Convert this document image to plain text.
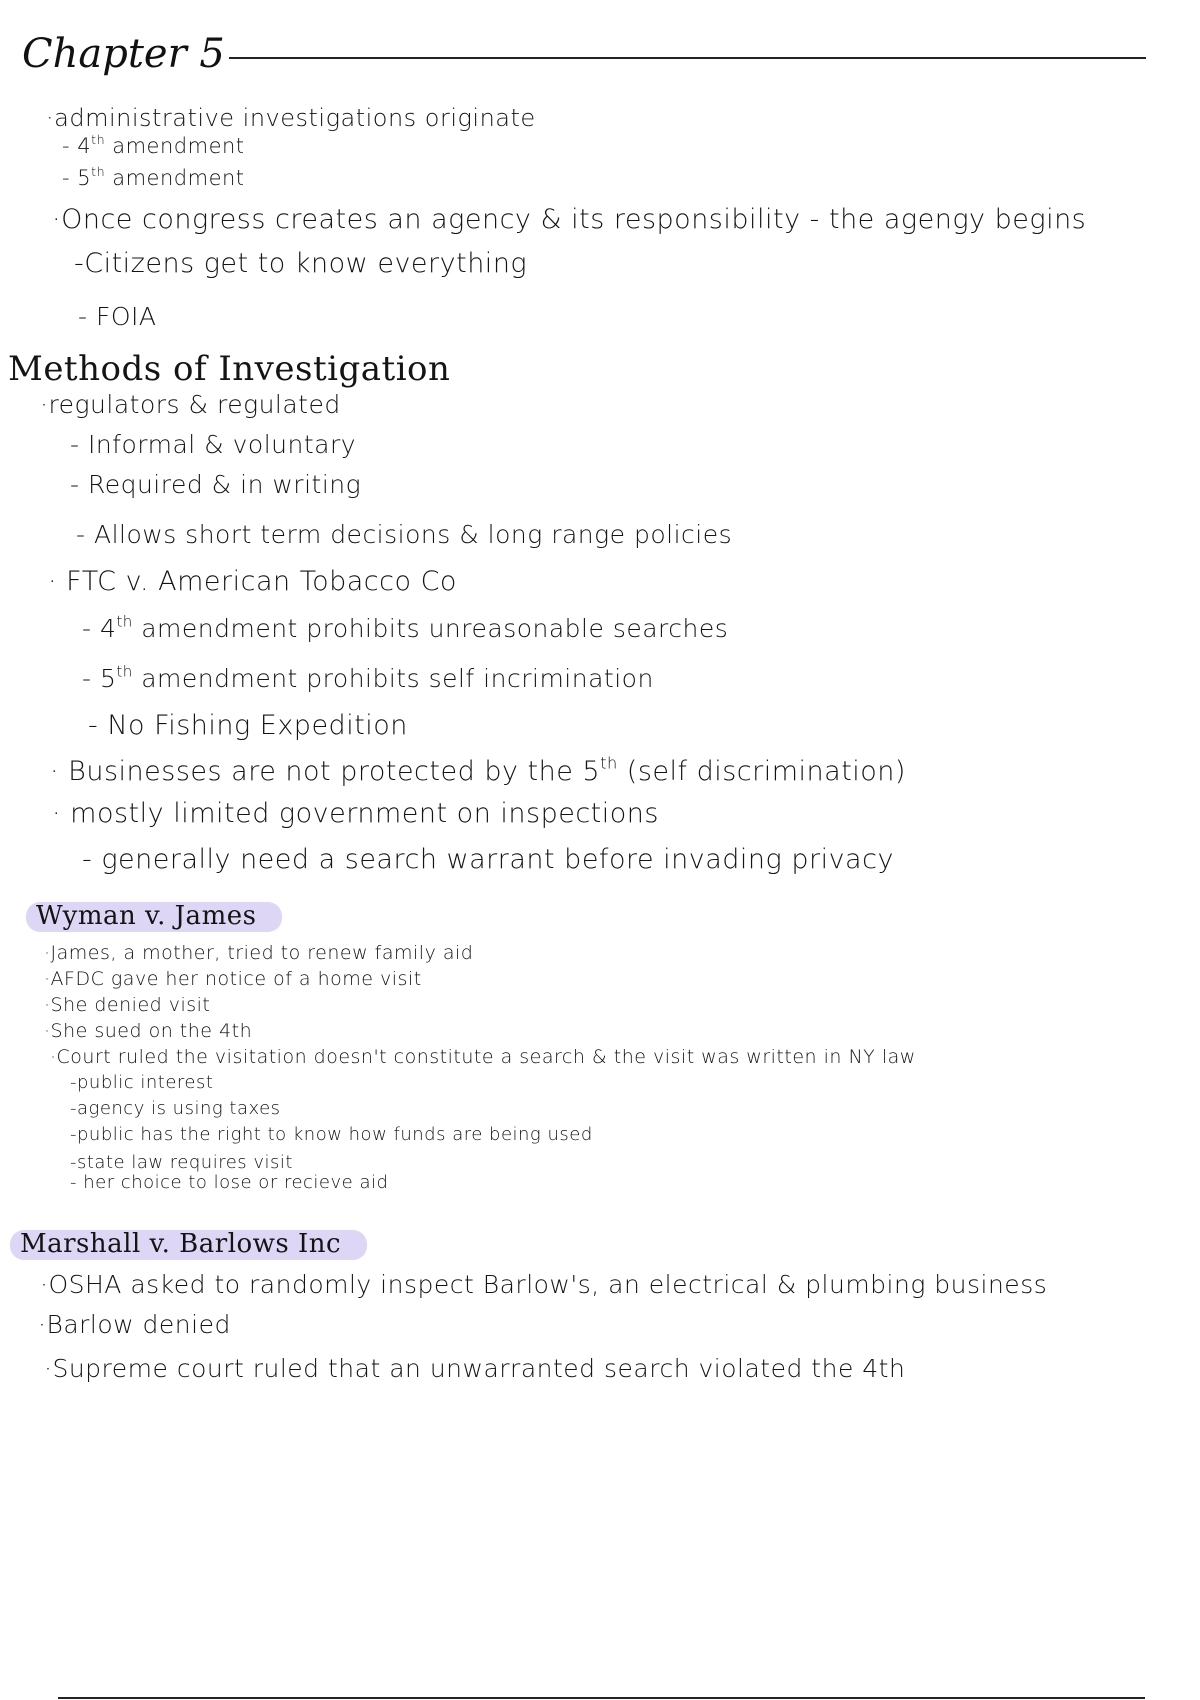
Chapter 5
·administrative investigations originate
- 4th amendment
- 5th amendment
·Once congress creates an agency & its responsibility - the agengy begins
-Citizens get to know everything
- FOIA
Methods of Investigation
·regulators & regulated
- Informal & voluntary
- Required & in writing
- Allows short term decisions & long range policies
· FTC v. American Tobacco Co
- 4th amendment prohibits unreasonable searches
- 5th amendment prohibits self incrimination
- No Fishing Expedition
· Businesses are not protected by the 5th (self discrimination)
· mostly limited government on inspections
- generally need a search warrant before invading privacy
Wyman v. James
·James, a mother, tried to renew family aid
·AFDC gave her notice of a home visit
·She denied visit
·She sued on the 4th
·Court ruled the visitation doesn't constitute a search & the visit was written in NY law
-public interest
-agency is using taxes
-public has the right to know how funds are being used
-state law requires visit
- her choice to lose or recieve aid
Marshall v. Barlows Inc
·OSHA asked to randomly inspect Barlow's, an electrical & plumbing business
·Barlow denied
·Supreme court ruled that an unwarranted search violated the 4th
